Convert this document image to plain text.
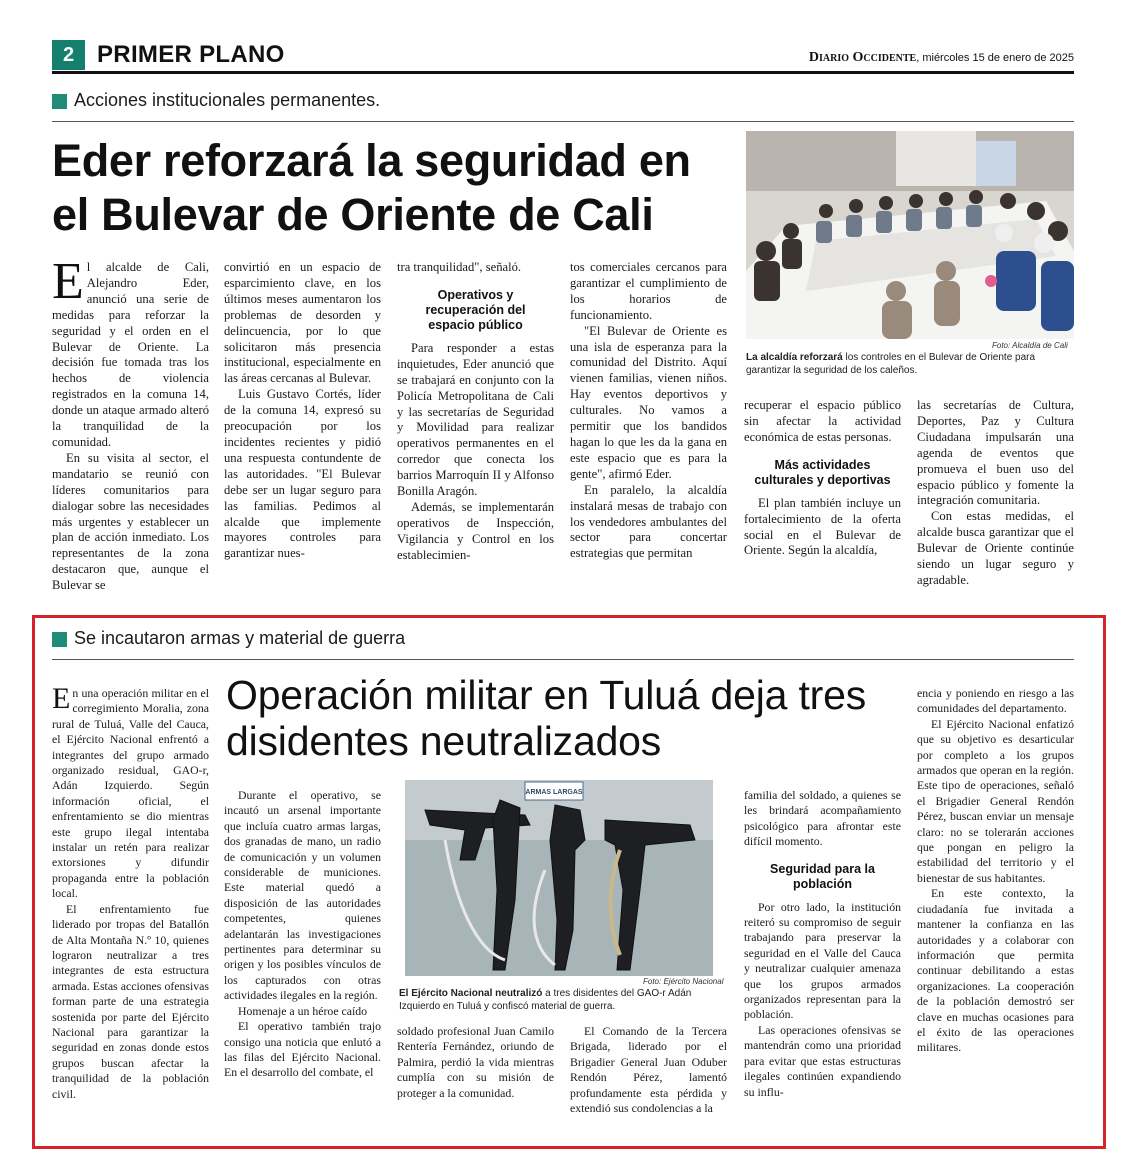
2 PRIMER PLANO	Diario Occidente, miércoles 15 de enero de 2025
Acciones institucionales permanentes.
Eder reforzará la seguridad en el Bulevar de Oriente de Cali
Foto: Alcaldía de Cali
La alcaldía reforzará los controles en el Bulevar de Oriente para garantizar la seguridad de los caleños.

El alcalde de Cali, Alejandro Eder, anunció una serie de medidas para reforzar la seguridad y el orden en el Bulevar de Oriente. La decisión fue tomada tras los hechos de violencia registrados en la comuna 14, donde un ataque armado alteró la tranquilidad de la comunidad.

En su visita al sector, el mandatario se reunió con líderes comunitarios para dialogar sobre las necesidades más urgentes y establecer un plan de acción inmediato. Los representantes de la zona destacaron que, aunque el Bulevar se

convirtió en un espacio de esparcimiento clave, en los últimos meses aumentaron los problemas de desorden y delincuencia, por lo que solicitaron más presencia institucional, especialmente en las áreas cercanas al Bulevar.

Luis Gustavo Cortés, líder de la comuna 14, expresó su preocupación por los incidentes recientes y pidió una respuesta contundente de las autoridades. "El Bulevar debe ser un lugar seguro para las familias. Pedimos al alcalde que implemente mayores controles para garantizar nues-

tra tranquilidad", señaló.

Operativos y recuperación del espacio público

Para responder a estas inquietudes, Eder anunció que se trabajará en conjunto con la Policía Metropolitana de Cali y las secretarías de Seguridad y Movilidad para realizar operativos permanentes en el corredor que conecta los barrios Marroquín II y Alfonso Bonilla Aragón.

Además, se implementarán operativos de Inspección, Vigilancia y Control en los establecimien-

tos comerciales cercanos para garantizar el cumplimiento de los horarios de funcionamiento.

"El Bulevar de Oriente es una isla de esperanza para la comunidad del Distrito. Aquí vienen familias, vienen niños. Hay eventos deportivos y culturales. No vamos a permitir que los bandidos hagan lo que les da la gana en este espacio que es para la gente", afirmó Eder.

En paralelo, la alcaldía instalará mesas de trabajo con los vendedores ambulantes del sector para concertar estrategias que permitan

recuperar el espacio público sin afectar la actividad económica de estas personas.

Más actividades culturales y deportivas

El plan también incluye un fortalecimiento de la oferta social en el Bulevar de Oriente. Según la alcaldía,

las secretarías de Cultura, Deportes, Paz y Cultura Ciudadana impulsarán una agenda de eventos que promueva el buen uso del espacio público y fomente la integración comunitaria.

Con estas medidas, el alcalde busca garantizar que el Bulevar de Oriente continúe siendo un lugar seguro y agradable.

Se incautaron armas y material de guerra
Operación militar en Tuluá deja tres disidentes neutralizados
ARMAS LARGAS
Foto: Ejército Nacional
El Ejército Nacional neutralizó a tres disidentes del GAO-r Adán Izquierdo en Tuluá y confiscó material de guerra.

En una operación militar en el corregimiento Moralia, zona rural de Tuluá, Valle del Cauca, el Ejército Nacional enfrentó a integrantes del grupo armado organizado residual, GAO-r, Adán Izquierdo. Según información oficial, el enfrentamiento se dio mientras este grupo ilegal intentaba instalar un retén para realizar extorsiones y difundir propaganda entre la población local.

El enfrentamiento fue liderado por tropas del Batallón de Alta Montaña N.º 10, quienes lograron neutralizar a tres integrantes de esta estructura armada. Estas acciones ofensivas forman parte de una estrategia sostenida por parte del Ejército Nacional para garantizar la seguridad en zonas donde estos grupos buscan afectar la tranquilidad de la población civil.

Durante el operativo, se incautó un arsenal importante que incluía cuatro armas largas, dos granadas de mano, un radio de comunicación y un volumen considerable de municiones. Este material quedó a disposición de las autoridades competentes, quienes adelantarán las investigaciones pertinentes para determinar su origen y los posibles vínculos de los capturados con otras actividades ilegales en la región.

Homenaje a un héroe caído

El operativo también trajo consigo una noticia que enlutó a las filas del Ejército Nacional. En el desarrollo del combate, el

soldado profesional Juan Camilo Rentería Fernández, oriundo de Palmira, perdió la vida mientras cumplía con su misión de proteger a la comunidad.

El Comando de la Tercera Brigada, liderado por el Brigadier General Juan Oduber Rendón Pérez, lamentó profundamente esta pérdida y extendió sus condolencias a la

familia del soldado, a quienes se les brindará acompañamiento psicológico para afrontar este difícil momento.

Seguridad para la población

Por otro lado, la institución reiteró su compromiso de seguir trabajando para preservar la seguridad en el Valle del Cauca y neutralizar cualquier amenaza que los grupos armados organizados representan para la población.

Las operaciones ofensivas se mantendrán como una prioridad para evitar que estas estructuras ilegales continúen expandiendo su influ-

encia y poniendo en riesgo a las comunidades del departamento.

El Ejército Nacional enfatizó que su objetivo es desarticular por completo a los grupos armados que operan en la región. Este tipo de operaciones, señaló el Brigadier General Rendón Pérez, buscan enviar un mensaje claro: no se tolerarán acciones que pongan en peligro la estabilidad del territorio y el bienestar de sus habitantes.

En este contexto, la ciudadanía fue invitada a mantener la confianza en las autoridades y a colaborar con información que permita continuar debilitando a estas organizaciones. La cooperación de la población demostró ser clave en muchas ocasiones para el éxito de las operaciones militares.
